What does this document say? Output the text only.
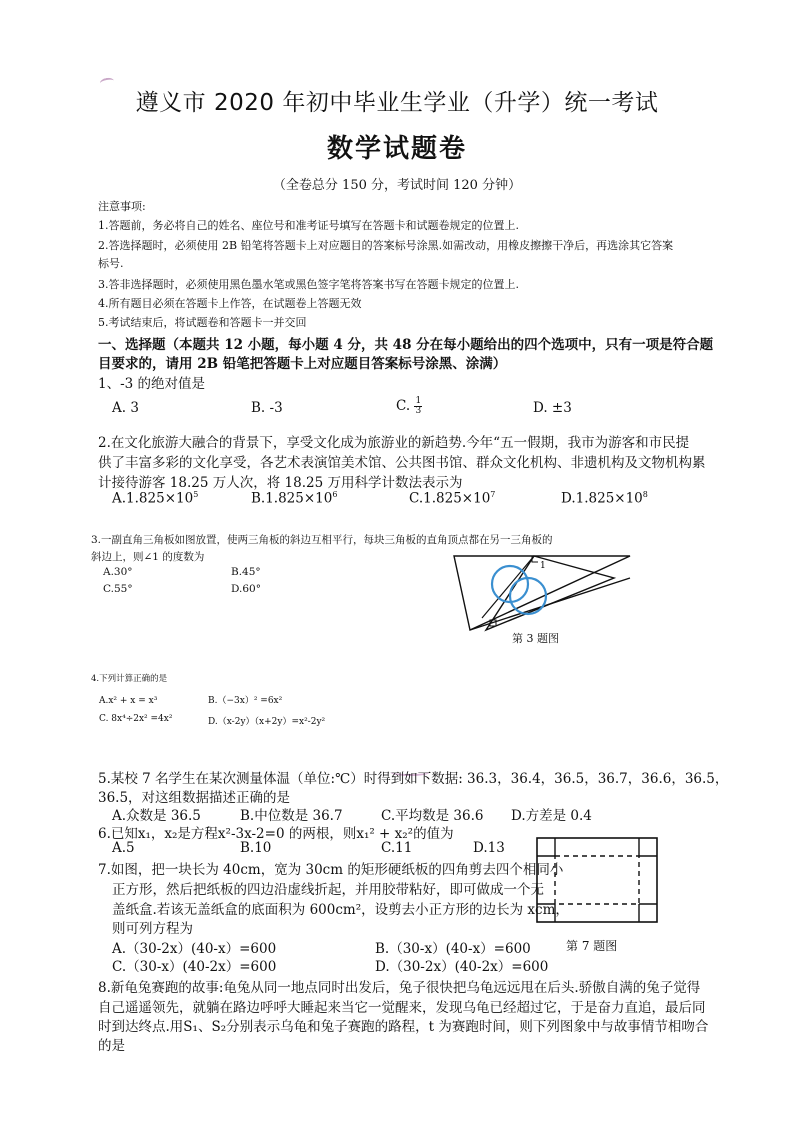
遵义市 2020 年初中毕业生学业（升学）统一考试
数学试题卷
（全卷总分 150 分，考试时间 120 分钟）
注意事项:
1.答题前，务必将自己的姓名、座位号和准考证号填写在答题卡和试题卷规定的位置上.
2.答选择题时，必须使用 2B 铅笔将答题卡上对应题目的答案标号涂黑.如需改动，用橡皮擦擦干净后，再选涂其它答案
标号.
3.答非选择题时，必须使用黑色墨水笔或黑色签字笔将答案书写在答题卡规定的位置上.
4.所有题目必须在答题卡上作答，在试题卷上答题无效
5.考试结束后，将试题卷和答题卡一并交回
一、选择题（本题共 12 小题，每小题 4 分，共 48 分在每小题给出的四个选项中，只有一项是符合题
目要求的，请用 2B 铅笔把答题卡上对应题目答案标号涂黑、涂满）
1、-3 的绝对值是
A. 3	B. -3	C. $\frac{1}{3}$	D. ±3
2.在文化旅游大融合的背景下，享受文化成为旅游业的新趋势.今年“五一假期，我市为游客和市民提
供了丰富多彩的文化享受，各艺术表演馆美术馆、公共图书馆、群众文化机构、非遗机构及文物机构累
计接待游客 18.25 万人次，将 18.25 万用科学计数法表示为
$A.1.825\times 10^5$	$B.1.825\times 10^6$	$C.1.825\times 10^7$	$D.1.825\times 10^8$
3.一副直角三角板如图放置，使两三角板的斜边互相平行，每块三角板的直角顶点都在另一三角板的
斜边上，则∠1 的度数为
A.30°	B.45°
C.55°	D.60°
1
第 3 题图
4.下列计算正确的是
A.x² + x = x³	B.（−3x）² =6x²
C. 8x⁴÷2x² =4x²	D.（x-2y）（x+2y）=x²-2y²
5.某校 7 名学生在某次测量体温（单位:℃）时得到如下数据: 36.3，36.4，36.5，36.7，36.6，36.5，
36.5，对这组数据描述正确的是
A.众数是 36.5	B.中位数是 36.7	C.平均数是 36.6 D.方差是 0.4
6.已知x₁，x₂是方程x²-3x-2=0 的两根，则x₁² + x₂²的值为
A.5	B.10	C.11	D.13
7.如图，把一块长为 40cm，宽为 30cm 的矩形硬纸板的四角剪去四个相同小
正方形，然后把纸板的四边沿虚线折起，并用胶带粘好，即可做成一个无
盖纸盒.若该无盖纸盒的底面积为 600cm²，设剪去小正方形的边长为 xcm，
则可列方程为
A.（30-2x）(40-x）=600	B.（30-x）(40-x）=600
C.（30-x）(40-2x）=600	D.（30-2x）(40-2x）=600
第 7 题图
8.新龟兔赛跑的故事:龟兔从同一地点同时出发后，兔子很快把乌龟远远甩在后头.骄傲自满的兔子觉得
自己遥遥领先，就躺在路边呼呼大睡起来当它一觉醒来，发现乌龟已经超过它，于是奋力直追，最后同
时到达终点.用S₁、S₂分别表示乌龟和兔子赛跑的路程，t 为赛跑时间，则下列图象中与故事情节相吻合
的是
